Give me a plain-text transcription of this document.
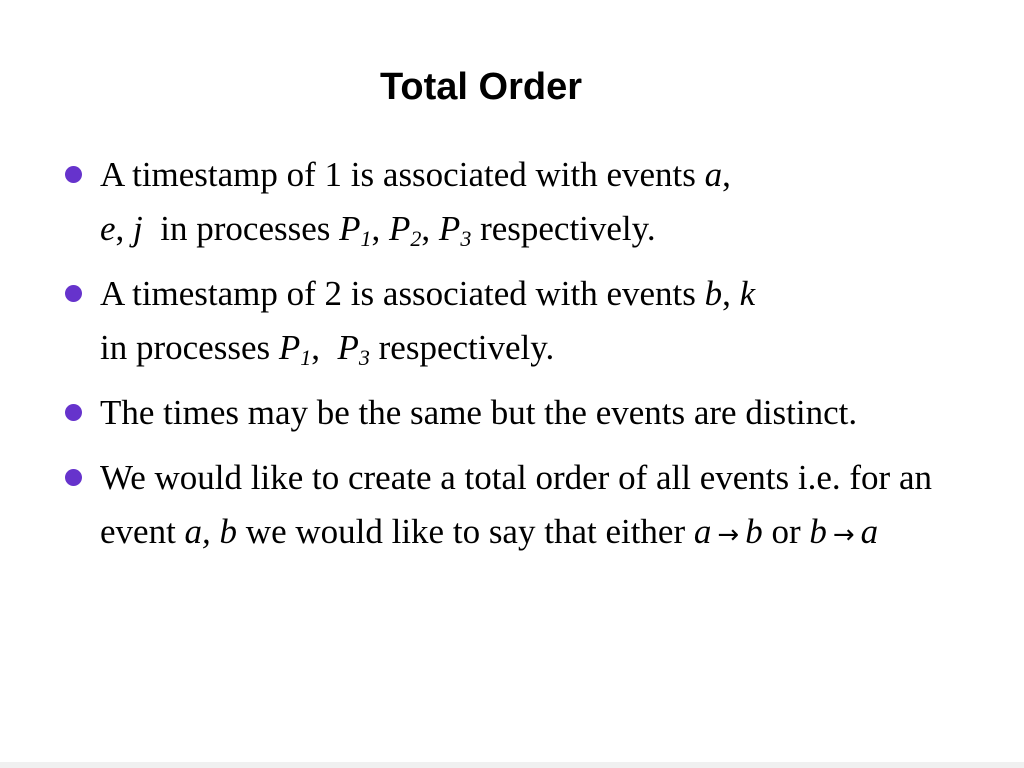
Total Order
A timestamp of 1 is associated with events a,
e, j in processes $P_1$, $P_2$, $P_3$ respectively.
A timestamp of 2 is associated with events b, k
in processes $P_1$, $P_3$ respectively.
The times may be the same but the events are distinct.
We would like to create a total order of all events i.e. for an event a, b we would like to say that either a → b or b → a
